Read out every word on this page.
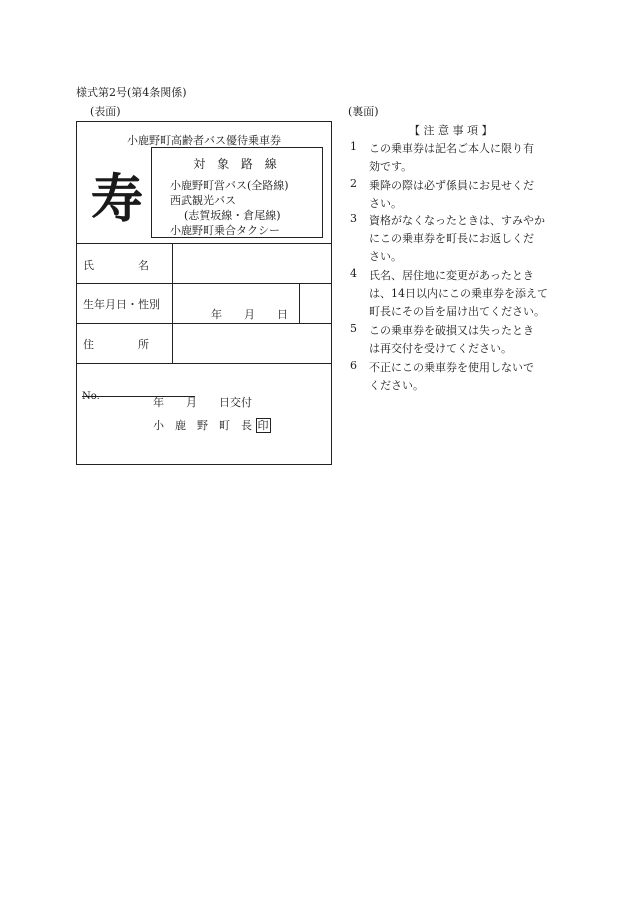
様式第2号(第4条関係)
(表面)	(裏面)
小鹿野町高齢者バス優待乗車券
寿
対 象 路 線
小鹿野町営バス(全路線)
西武観光バス
(志賀坂線・倉尾線)
小鹿野町乗合タクシー
氏　　　　名
生年月日・性別
年　　月　　日
住　　　　所
No.	年　　月　　日交付
小　鹿　野　町　長 印
【 注 意 事 項 】
1 この乗車券は記名ご本人に限り有
効です。
2 乗降の際は必ず係員にお見せくだ
さい。
3 資格がなくなったときは、すみやか
にこの乗車券を町長にお返しくだ
さい。
4 氏名、居住地に変更があったとき
は、14日以内にこの乗車券を添えて
町長にその旨を届け出てください。
5 この乗車券を破損又は失ったとき
は再交付を受けてください。
6 不正にこの乗車券を使用しないで
ください。
